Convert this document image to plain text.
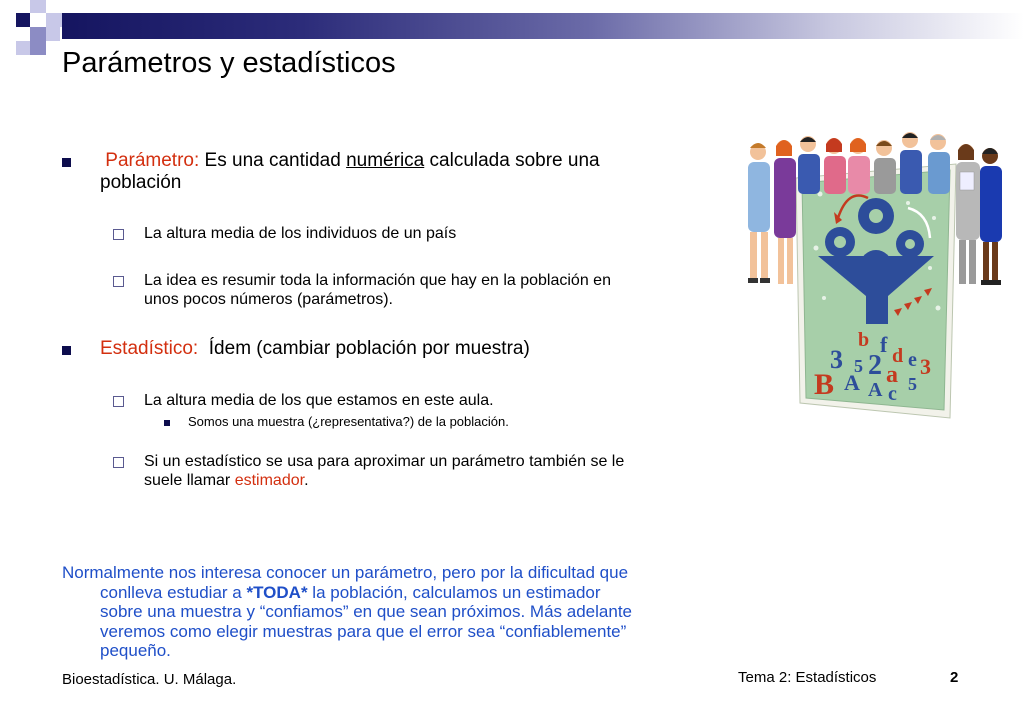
Parámetros y estadísticos
Parámetro: Es una cantidad numérica calculada sobre una
población
La altura media de los individuos de un país
La idea es resumir toda la información que hay en la población en
unos pocos números (parámetros).
Estadístico:  Ídem (cambiar población por muestra)
La altura media de los que estamos en este aula.
Somos una muestra (¿representativa?) de la población.
Si un estadístico se usa para aproximar un parámetro también se le
suele llamar estimador.
Normalmente nos interesa conocer un parámetro, pero por la dificultad que
conlleva estudiar a *TODA* la población, calculamos un estimador
sobre una muestra y “confiamos” en que sean próximos. Más adelante
veremos como elegir muestras para que el error sea “confiablemente”
pequeño.
Bioestadística. U. Málaga.	Tema 2: Estadísticos	2
b f
3 5 2 d e 3
B A a
c 5
A
